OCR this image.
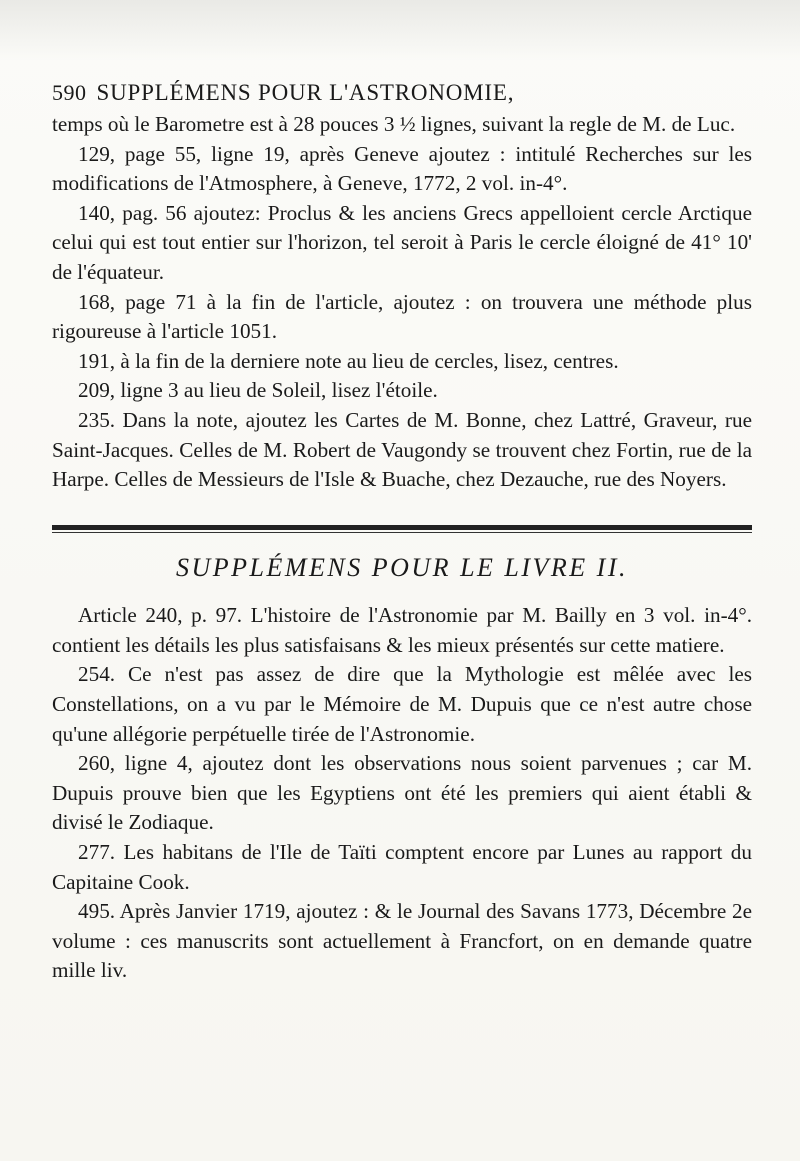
590 SUPPLÉMENS POUR L'ASTRONOMIE,

temps où le Barometre est à 28 pouces 3 ½ lignes, suivant la regle de M. de Luc.

129, page 55, ligne 19, après Geneve ajoutez : intitulé Recherches sur les modifications de l'Atmosphere, à Geneve, 1772, 2 vol. in-4°.

140, pag. 56 ajoutez: Proclus & les anciens Grecs appelloient cercle Arctique celui qui est tout entier sur l'horizon, tel seroit à Paris le cercle éloigné de 41° 10' de l'équateur.

168, page 71 à la fin de l'article, ajoutez : on trouvera une méthode plus rigoureuse à l'article 1051.

191, à la fin de la derniere note au lieu de cercles, lisez, centres.

209, ligne 3 au lieu de Soleil, lisez l'étoile.

235. Dans la note, ajoutez les Cartes de M. Bonne, chez Lattré, Graveur, rue Saint-Jacques. Celles de M. Robert de Vaugondy se trouvent chez Fortin, rue de la Harpe. Celles de Messieurs de l'Isle & Buache, chez Dezauche, rue des Noyers.

SUPPLÉMENS POUR LE LIVRE II.

Article 240, p. 97. L'histoire de l'Astronomie par M. Bailly en 3 vol. in-4°. contient les détails les plus satisfaisans & les mieux présentés sur cette matiere.

254. Ce n'est pas assez de dire que la Mythologie est mêlée avec les Constellations, on a vu par le Mémoire de M. Dupuis que ce n'est autre chose qu'une allégorie perpétuelle tirée de l'Astronomie.

260, ligne 4, ajoutez dont les observations nous soient parvenues ; car M. Dupuis prouve bien que les Egyptiens ont été les premiers qui aient établi & divisé le Zodiaque.

277. Les habitans de l'Ile de Taïti comptent encore par Lunes au rapport du Capitaine Cook.

495. Après Janvier 1719, ajoutez : & le Journal des Savans 1773, Décembre 2e volume : ces manuscrits sont actuellement à Francfort, on en demande quatre mille liv.
